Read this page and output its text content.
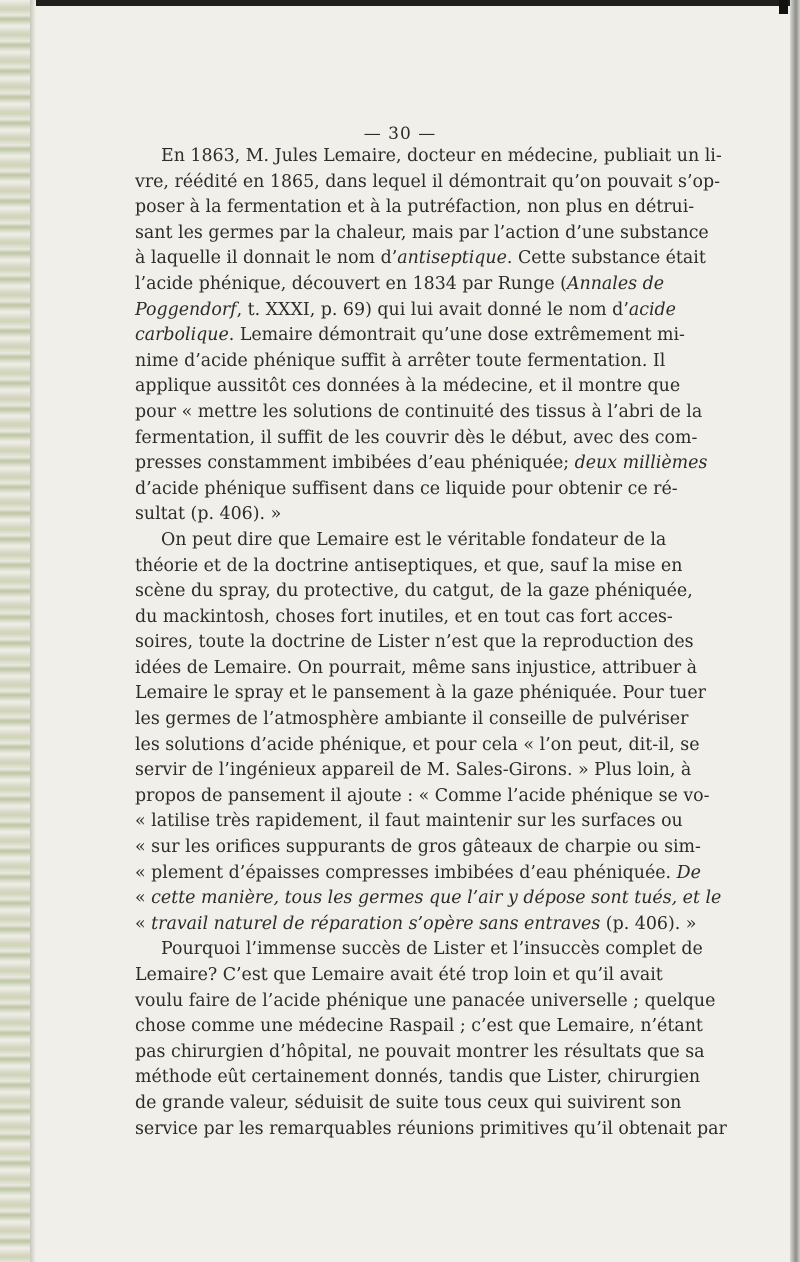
— 30 —
En 1863, M. Jules Lemaire, docteur en médecine, publiait un li-
vre, réédité en 1865, dans lequel il démontrait qu’on pouvait s’op-
poser à la fermentation et à la putréfaction, non plus en détrui-
sant les germes par la chaleur, mais par l’action d’une substance
à laquelle il donnait le nom d’antiseptique. Cette substance était
l’acide phénique, découvert en 1834 par Runge (Annales de
Poggendorf, t. XXXI, p. 69) qui lui avait donné le nom d’acide
carbolique. Lemaire démontrait qu’une dose extrêmement mi-
nime d’acide phénique suffit à arrêter toute fermentation. Il
applique aussitôt ces données à la médecine, et il montre que
pour « mettre les solutions de continuité des tissus à l’abri de la
fermentation, il suffit de les couvrir dès le début, avec des com-
presses constamment imbibées d’eau phéniquée; deux millièmes
d’acide phénique suffisent dans ce liquide pour obtenir ce ré-
sultat (p. 406). »
On peut dire que Lemaire est le véritable fondateur de la
théorie et de la doctrine antiseptiques, et que, sauf la mise en
scène du spray, du protective, du catgut, de la gaze phéniquée,
du mackintosh, choses fort inutiles, et en tout cas fort acces-
soires, toute la doctrine de Lister n’est que la reproduction des
idées de Lemaire. On pourrait, même sans injustice, attribuer à
Lemaire le spray et le pansement à la gaze phéniquée. Pour tuer
les germes de l’atmosphère ambiante il conseille de pulvériser
les solutions d’acide phénique, et pour cela « l’on peut, dit-il, se
servir de l’ingénieux appareil de M. Sales-Girons. » Plus loin, à
propos de pansement il ajoute : « Comme l’acide phénique se vo-
« latilise très rapidement, il faut maintenir sur les surfaces ou
« sur les orifices suppurants de gros gâteaux de charpie ou sim-
« plement d’épaisses compresses imbibées d’eau phéniquée. De
« cette manière, tous les germes que l’air y dépose sont tués, et le
« travail naturel de réparation s’opère sans entraves (p. 406). »
Pourquoi l’immense succès de Lister et l’insuccès complet de
Lemaire? C’est que Lemaire avait été trop loin et qu’il avait
voulu faire de l’acide phénique une panacée universelle ; quelque
chose comme une médecine Raspail ; c’est que Lemaire, n’étant
pas chirurgien d’hôpital, ne pouvait montrer les résultats que sa
méthode eût certainement donnés, tandis que Lister, chirurgien
de grande valeur, séduisit de suite tous ceux qui suivirent son
service par les remarquables réunions primitives qu’il obtenait par
